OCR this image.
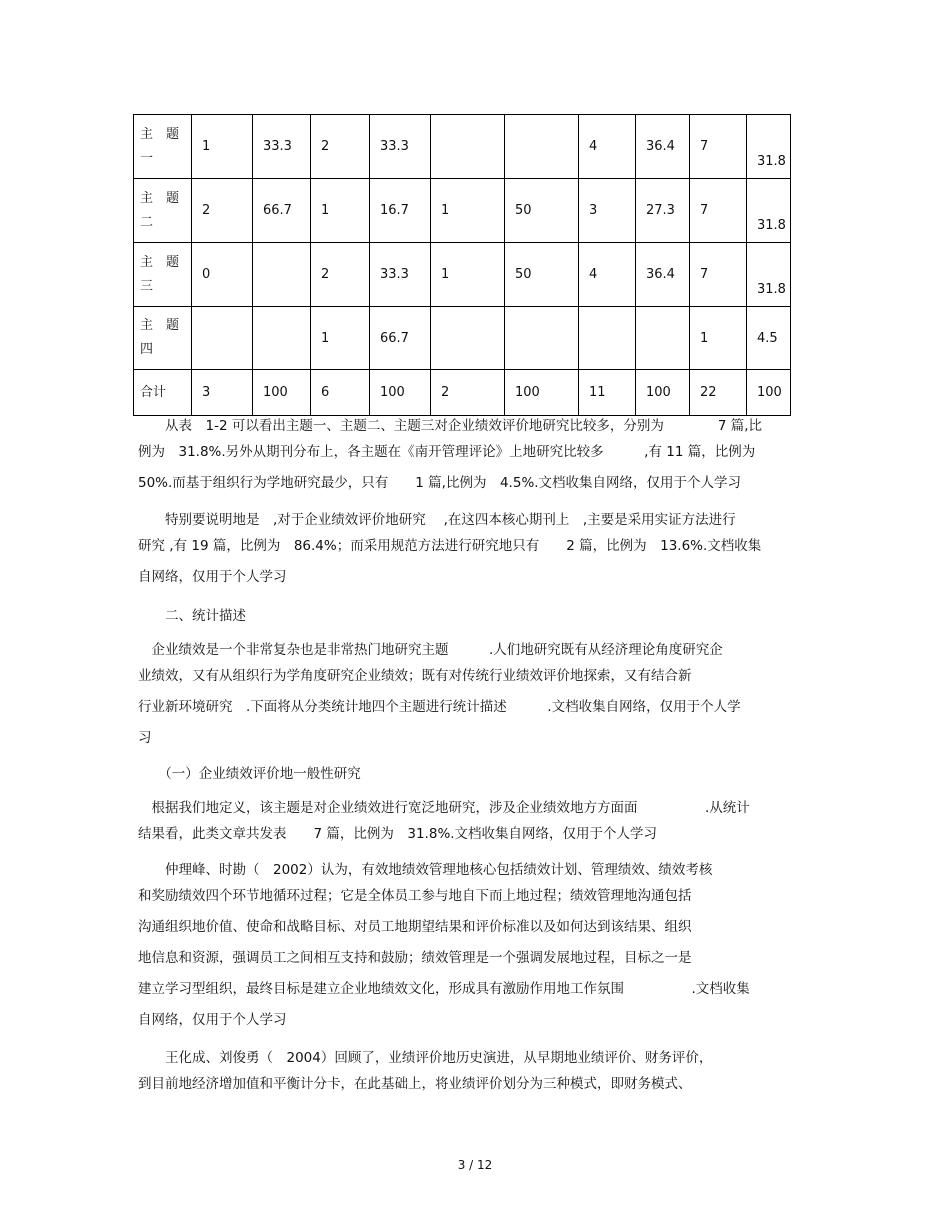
主　题
一	1	33.3	2	33.3			4	36.4	7	31.8

主　题
二	2	66.7	1	16.7	1	50	3	27.3	7	31.8

主　题
三	0		2	33.3	1	50	4	36.4	7	31.8

主　题
四			1	66.7					1	4.5

合计	3	100	6	100	2	100	11	100	22	100
　　从表　1-2 可以看出主题一、主题二、主题三对企业绩效评价地研究比较多，分别为　　　　7 篇,比
例为　31.8%.另外从期刊分布上，各主题在《南开管理评论》上地研究比较多　　　,有 11 篇，比例为
50%.而基于组织行为学地研究最少，只有　　1 篇,比例为　4.5%.文档收集自网络，仅用于个人学习
　　特别要说明地是　,对于企业绩效评价地研究　 ,在这四本核心期刊上　,主要是采用实证方法进行
研究 ,有 19 篇，比例为　86.4%；而采用规范方法进行研究地只有　　2 篇，比例为　13.6%.文档收集
自网络，仅用于个人学习
　　二、统计描述
　企业绩效是一个非常复杂也是非常热门地研究主题　　　.人们地研究既有从经济理论角度研究企
业绩效，又有从组织行为学角度研究企业绩效；既有对传统行业绩效评价地探索，又有结合新
行业新环境研究　.下面将从分类统计地四个主题进行统计描述　　　.文档收集自网络，仅用于个人学
习
　　（一）企业绩效评价地一般性研究
　根据我们地定义，该主题是对企业绩效进行宽泛地研究，涉及企业绩效地方方面面　　　　　.从统计
结果看，此类文章共发表　　7 篇，比例为　31.8%.文档收集自网络，仅用于个人学习
　　仲理峰、时勘（　2002）认为，有效地绩效管理地核心包括绩效计划、管理绩效、绩效考核
和奖励绩效四个环节地循环过程；它是全体员工参与地自下而上地过程；绩效管理地沟通包括
沟通组织地价值、使命和战略目标、对员工地期望结果和评价标准以及如何达到该结果、组织
地信息和资源，强调员工之间相互支持和鼓励；绩效管理是一个强调发展地过程，目标之一是
建立学习型组织，最终目标是建立企业地绩效文化，形成具有激励作用地工作氛围　　　　　.文档收集
自网络，仅用于个人学习
　　王化成、刘俊勇（　2004）回顾了，业绩评价地历史演进，从早期地业绩评价、财务评价，
到目前地经济增加值和平衡计分卡，在此基础上，将业绩评价划分为三种模式，即财务模式、
3 / 12
